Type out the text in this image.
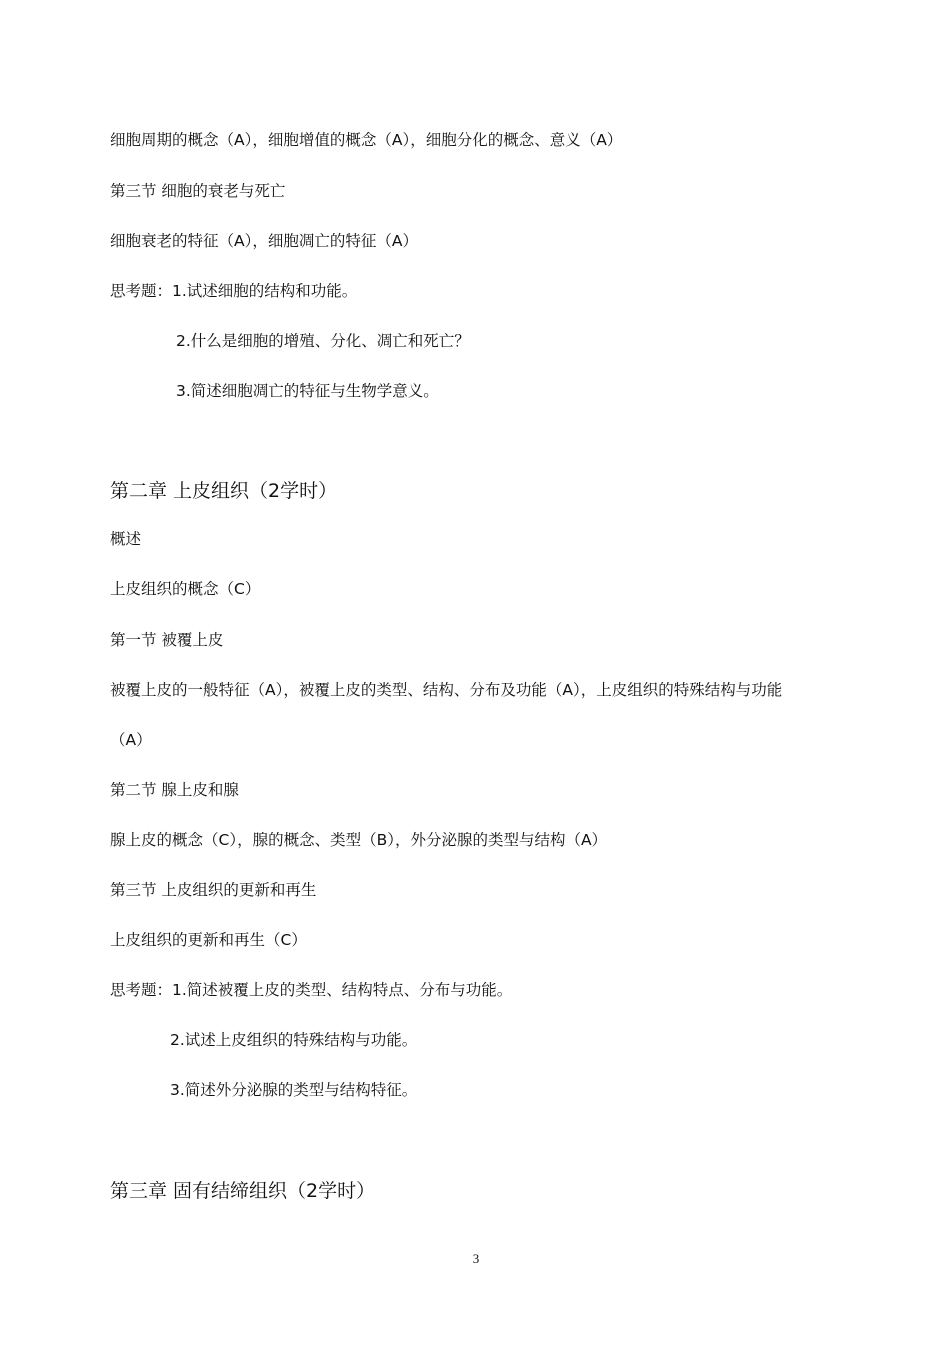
细胞周期的概念（A），细胞增值的概念（A），细胞分化的概念、意义（A）
第三节 细胞的衰老与死亡
细胞衰老的特征（A），细胞凋亡的特征（A）
思考题：1.试述细胞的结构和功能。
2.什么是细胞的增殖、分化、凋亡和死亡？
3.简述细胞凋亡的特征与生物学意义。
第二章 上皮组织（2学时）
概述
上皮组织的概念（C）
第一节 被覆上皮
被覆上皮的一般特征（A），被覆上皮的类型、结构、分布及功能（A），上皮组织的特殊结构与功能
（A）
第二节 腺上皮和腺
腺上皮的概念（C），腺的概念、类型（B），外分泌腺的类型与结构（A）
第三节 上皮组织的更新和再生
上皮组织的更新和再生（C）
思考题：1.简述被覆上皮的类型、结构特点、分布与功能。
2.试述上皮组织的特殊结构与功能。
3.简述外分泌腺的类型与结构特征。
第三章 固有结缔组织（2学时）
3
